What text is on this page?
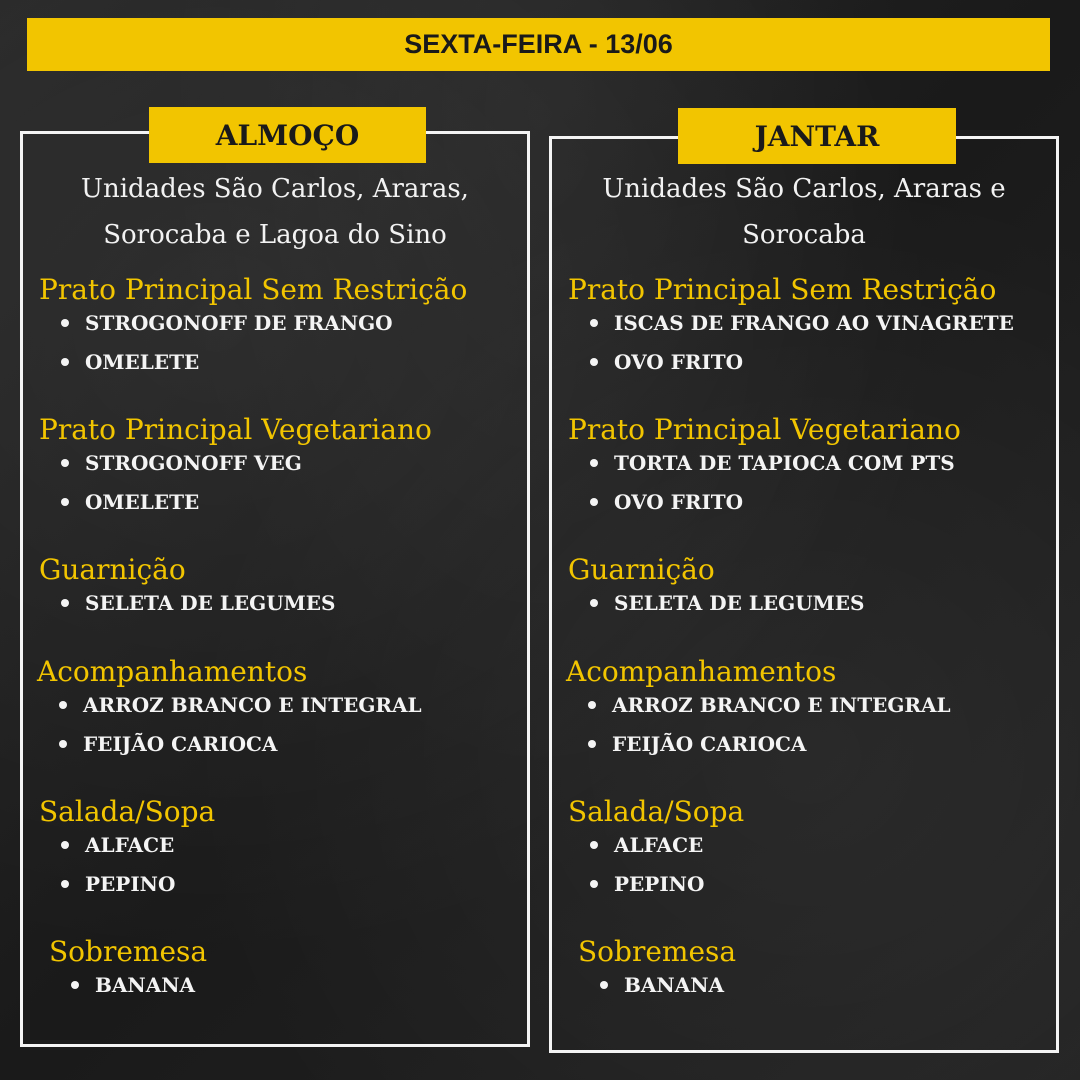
SEXTA-FEIRA - 13/06
ALMOÇO
Unidades São Carlos, Araras,
Sorocaba e Lagoa do Sino
Prato Principal Sem Restrição
STROGONOFF DE FRANGO
OMELETE
Prato Principal Vegetariano
STROGONOFF VEG
OMELETE
Guarnição
SELETA DE LEGUMES
Acompanhamentos
ARROZ BRANCO E INTEGRAL
FEIJÃO CARIOCA
Salada/Sopa
ALFACE
PEPINO
Sobremesa
BANANA
JANTAR
Unidades São Carlos, Araras e
Sorocaba
Prato Principal Sem Restrição
ISCAS DE FRANGO AO VINAGRETE
OVO FRITO
Prato Principal Vegetariano
TORTA DE TAPIOCA COM PTS
OVO FRITO
Guarnição
SELETA DE LEGUMES
Acompanhamentos
ARROZ BRANCO E INTEGRAL
FEIJÃO CARIOCA
Salada/Sopa
ALFACE
PEPINO
Sobremesa
BANANA
